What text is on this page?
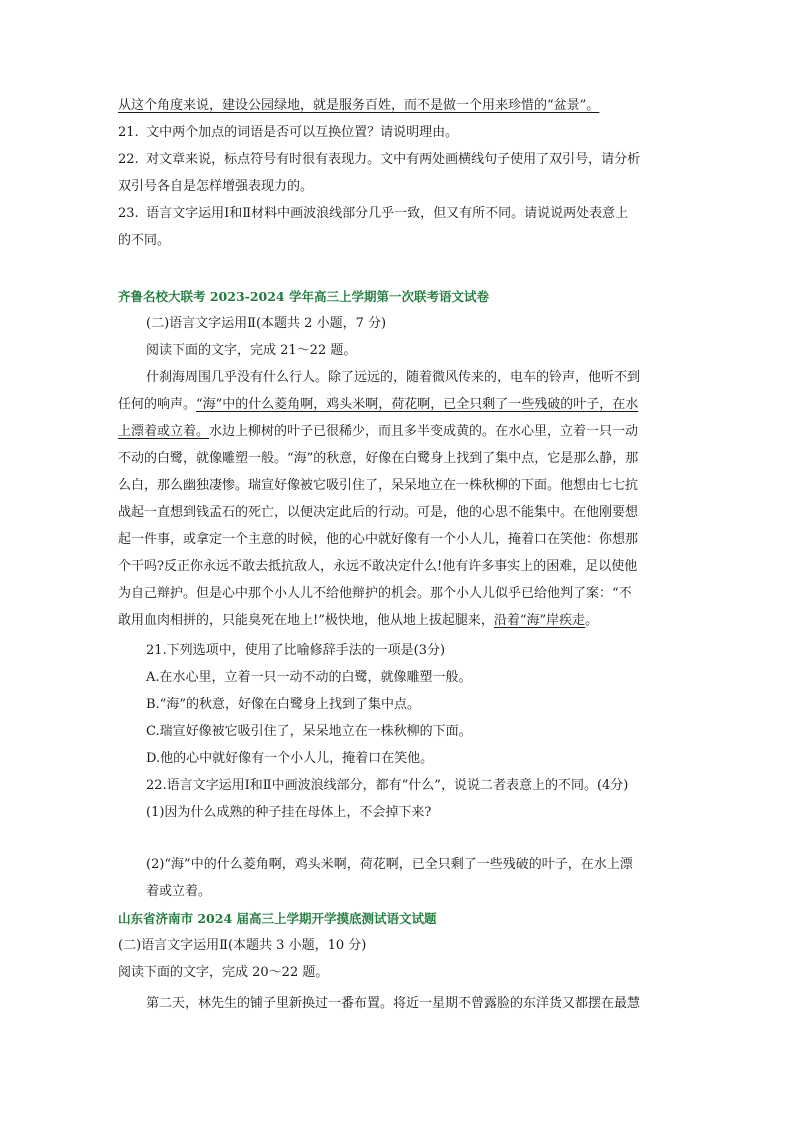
从这个角度来说，建设公园绿地，就是服务百姓，而不是做一个用来珍惜的“盆景”。
21. 文中两个加点的词语是否可以互换位置？请说明理由。
22. 对文章来说，标点符号有时很有表现力。文中有两处画横线句子使用了双引号，请分析
双引号各自是怎样增强表现力的。
23. 语言文字运用Ⅰ和Ⅱ材料中画波浪线部分几乎一致，但又有所不同。请说说两处表意上
的不同。
齐鲁名校大联考 2023-2024 学年高三上学期第一次联考语文试卷
(二)语言文字运用Ⅱ(本题共 2 小题，7 分)
阅读下面的文字，完成 21～22 题。
什刹海周围几乎没有什么行人。除了远远的，随着微风传来的，电车的铃声，他听不到
任何的响声。“海”中的什么菱角啊，鸡头米啊，荷花啊，已全只剩了一些残破的叶子，在水
上漂着或立着。水边上柳树的叶子已很稀少，而且多半变成黄的。在水心里，立着一只一动
不动的白鹭，就像雕塑一般。“海”的秋意，好像在白鹭身上找到了集中点，它是那么静，那
么白，那么幽独凄惨。瑞宣好像被它吸引住了，呆呆地立在一株秋柳的下面。他想由七七抗
战起一直想到钱孟石的死亡，以便决定此后的行动。可是，他的心思不能集中。在他刚要想
起一件事，或拿定一个主意的时候，他的心中就好像有一个小人儿，掩着口在笑他：你想那
个干吗?反正你永远不敢去抵抗敌人，永远不敢决定什么!他有许多事实上的困难，足以使他
为自己辩护。但是心中那个小人儿不给他辩护的机会。那个小人儿似乎已给他判了案：“不
敢用血肉相拼的，只能臭死在地上!”极快地，他从地上拔起腿来，沿着“海”岸疾走。
21.下列选项中，使用了比喻修辞手法的一项是(3分)
A.在水心里，立着一只一动不动的白鹭，就像雕塑一般。
B.“海”的秋意，好像在白鹭身上找到了集中点。
C.瑞宣好像被它吸引住了，呆呆地立在一株秋柳的下面。
D.他的心中就好像有一个小人儿，掩着口在笑他。
22.语言文字运用Ⅰ和Ⅱ中画波浪线部分，都有“什么”，说说二者表意上的不同。(4分)
(1)因为什么成熟的种子挂在母体上，不会掉下来?
(2)“海”中的什么菱角啊，鸡头米啊，荷花啊，已全只剩了一些残破的叶子，在水上漂
着或立着。
山东省济南市 2024 届高三上学期开学摸底测试语文试题
(二)语言文字运用Ⅱ(本题共 3 小题，10 分)
阅读下面的文字，完成 20～22 题。
第二天，林先生的铺子里新换过一番布置。将近一星期不曾露脸的东洋货又都摆在最慧
